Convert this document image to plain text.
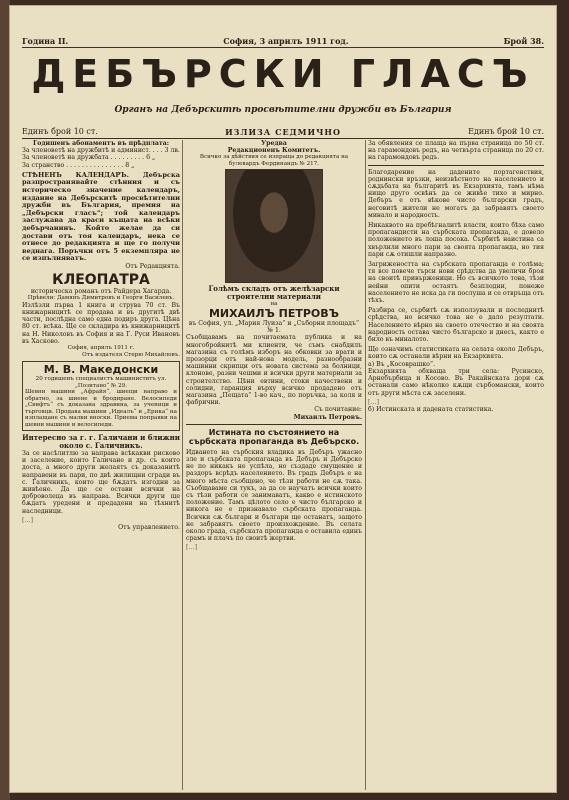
Година II.	София, 3 априлъ 1911 год.	Брой 38.
ДЕБЪРСКИ ГЛАСЪ
Органъ на Дебърскитѣ просвѣтителни дружби въ България
Единъ брой 10 ст.	ИЗЛИЗА СЕДМИЧНО	Единъ брой 10 ст.
Годишенъ абонаментъ въ прѣдплата:
За членоветѣ на дружбитѣ и админист. . . . 3 лв.
За членоветѣ на дружбата . . . . . . . . . 6 „
За странство . . . . . . . . . . . . . . . 8 „
СТѢНЕНЪ КАЛЕНДАРЪ. Дебърска разпространявайте стѣнния и съ историческо значение календаръ, изданиe на Дебърскитѣ просвѣтителни дружби въ България, премия на „Дебърски гласъ“; той календаръ заслужава да краси къщата на всѣки дебърчанинъ. Който желае да си достави отъ тоя календаръ, нека се отнесе до редакцията и ще го получи веднага. Поръчки отъ 5 екземпляра не се изпълняватъ.
Отъ Редакцията.
КЛЕОПАТРА
историческа романъ отъ Райдера Хагарда.
Прѣвели: Дамянъ Димитровъ и Георги Василевъ.
Излѣзли първа 1 книга и струва 70 ст. Въ книжарницитѣ се продава и въ другитѣ двѣ части, послѣдна само една подиръ друга. Цѣна 80 ст. всѣка. Ще се складира въ книжарницитѣ на Н. Николовъ въ София и на Г. Руси Ивановъ въ Хасково.
София, априлъ 1911 г.
Отъ издателя Стерю Михайловъ.
М. В. Македонски
20 годишенъ специалистъ машиниститъ ул. „Позитано“ № 29.
Шевни машини „Афрайя“, шиещи направо и обратно, за шиене и бродиране. Велосипеди „Свифтъ“ съ доказана здравина, за ученици и търговци. Продава машини „Идеалъ“ и „Ерика“ на изплащане съ малки вноски. Приема поправки на шевни машини и велосипеди.
Интересно за г. г. Галичани и ближни около с. Галичникъ.
За се насѣлитлю за направа всѣкакви рисково и заселение, които Галичане и др. съ които доста, а много други желаятъ съ доказанитѣ направени въ пари, по двѣ жилищни сгради въ с. Галичникъ, които ще бѫдатъ изгодни за живѣене. Да ще се остави всички на доброволеца въ направа. Всички други ще бѫдатъ уредени и предадени на тѣхнитѣ наследници.
[…]
Отъ управлението.
Уредва
Редакционенъ Комитетъ.
Всичко за дѣйствия се изпраща до редакцията на булевардъ Фердинандъ № 217.
Голѣмъ складъ отъ желѣзарски строителни материали
на
МИХАИЛЪ ПЕТРОВЪ
въ София, ул. „Мария Луиза“ и „Съборни площадъ“ № 1.
Съобщавамъ на почитаемата публика и на многобройнитѣ ми клиенти, че съмъ снабдилъ магазина съ голѣмъ изборъ на обковки за врати и прозорци отъ най-нова модель, разнообразни машинни скрипци отъ новата система за болници, клоновe, разни чешми и всички други материали за строителство. Цѣни евтини, стоки качествени и солидни, гаранция върху всичко продадено отъ магазина „Пещата“ 1-во кач., по поръчка, за коля и фабрични.
Съ почитание:
Михаилъ Петровъ.
Истината по състоянието на сърбската пропаганда въ Дебърско.
Идването на сърбския владика въ Дебъръ ужасно зле и сърбската пропаганда въ Дебъръ и Дебърско не по никакъ не успѣла, но създаде смущение и раздоръ всрѣдъ населението. Въ градъ Дебъръ е на много мѣста съобщено, че тѣзи работи не сѫ така. Съобщаваме си тукъ, за да се научатъ всички които съ тѣзи работи се занимаватъ, какво е истинското положение. Тамъ цѣлото село е чисто българско и никога не е признавало сърбската пропаганда. Всички сѫ българи и българи ще останатъ, защото не забравятъ своето произхождение. Въ селата около града, сърбската пропаганда е оставила единъ срамъ и плачъ по своитѣ жертви.
[…]
За обявления се плаща на първа страница по 50 ст. на гарамондовъ редъ, на четвърта страница по 20 ст. на гарамондовъ редъ.
Благодарение на дадените портагенствия, роднински връзки, неизвѣстното на населението и сѫдьбата на българитѣ въ Екзархията, тамъ нѣма нищо друго освѣнъ да се живѣе тихо и мирно. Дебъръ е отъ вѣковe чисто български градъ, неговитѣ жители не могатъ да забравятъ своето минало и народность.
Никаквото на пребѣгналитѣ власти, които бѣхa само пропагандисти на сърбската пропаганда, е довело положението въ лоша посока. Сърбитѣ наистина са хвърлили много пари за своята пропаганда, но тия пари сѫ отишли напразно.
Загрижeността на сърбската пропаганда е голѣма; тя все повече търси нови срѣдства да увеличи броя на своитѣ привърженици. Но съ всичкото това, тѣзи нейни опити остаятъ безплодни, понеже населението не иска да ги послуша и се отвръща отъ тѣхъ.
Разбира се, сърбитѣ сѫ използували и последнитѣ срѣдства, но всичко това не е дало резултати. Населението вѣрно на своето отечество и на своята народность остава чисто българско и днесъ, както е било въ миналото.
Ще означимъ статистиката на селата около Дебъръ, които сѫ останали вѣрни на Екзархията.
а) Въ „Косоврашко“.
Екзархията обхваща три села: Русинско, Арнебърбица и Косово. Въ Ракайнската дори сѫ останали само нѣколко кѫщи сърбомански, които отъ други мѣста сѫ заселени.
[…]
б) Истинската и дадената статистика.
